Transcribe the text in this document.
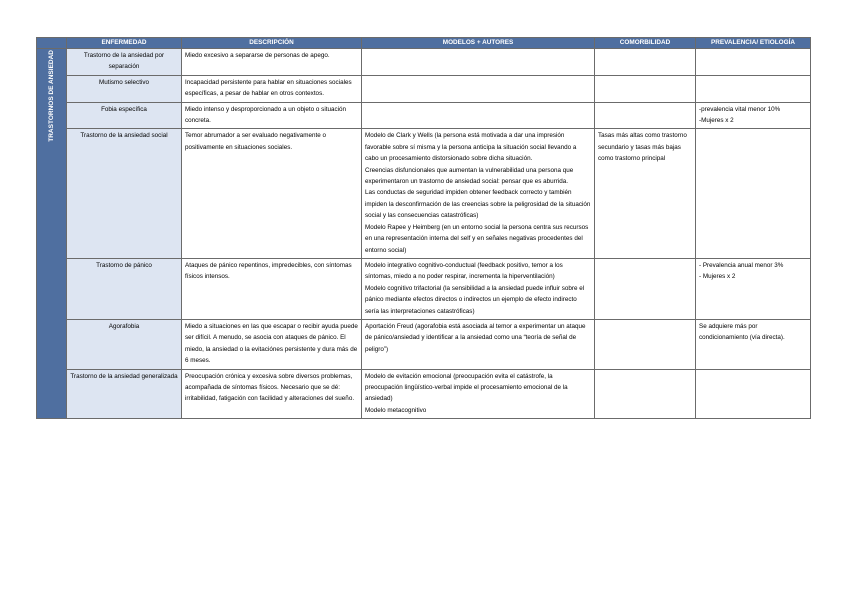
	ENFERMEDAD	DESCRIPCIÓN	MODELOS + AUTORES	COMORBILIDAD	PREVALENCIA/ ETIOLOGÍA
TRASTORNOS DE ANSIEDAD	Trastorno de la ansiedad por separación	Miedo excesivo a separarse de personas de apego.			
	Mutismo selectivo	Incapacidad persistente para hablar en situaciones sociales específicas, a pesar de hablar en otros contextos.			
	Fobia específica	Miedo intenso y desproporcionado a un objeto o situación concreta.			-prevalencia vital menor 10%
-Mujeres x 2
	Trastorno de la ansiedad social	Temor abrumador a ser evaluado negativamente o positivamente en situaciones sociales.	Modelo de Clark y Wells (la persona está motivada a dar una impresión favorable sobre sí misma y la persona anticipa la situación social llevando a cabo un procesamiento distorsionado sobre dicha situación.
Creencias disfuncionales que aumentan la vulnerabilidad una persona que experimentaron un trastorno de ansiedad social: pensar que es aburrida.
Las conductas de seguridad impiden obtener feedback correcto y también impiden la desconfirmación de las creencias sobre la peligrosidad de la situación social y las consecuencias catastróficas)
Modelo Rapee y Heimberg (en un entorno social la persona centra sus recursos en una representación interna del self y en señales negativas procedentes del entorno social)	Tasas más altas como trastorno secundario y tasas más bajas como trastorno principal	
	Trastorno de pánico	Ataques de pánico repentinos, impredecibles, con síntomas físicos intensos.	Modelo integrativo cognitivo-conductual (feedback positivo, temor a los síntomas, miedo a no poder respirar, incrementa la hiperventilación)
Modelo cognitivo trifactorial (la sensibilidad a la ansiedad puede influir sobre el pánico mediante efectos directos o indirectos un ejemplo de efecto indirecto sería las interpretaciones catastróficas)		- Prevalencia anual menor 3%
- Mujeres x 2
	Agorafobia	Miedo a situaciones en las que escapar o recibir ayuda puede ser difícil. A menudo, se asocia con ataques de pánico. El miedo, la ansiedad o la evitaciónes persistente y dura más de 6 meses.	Aportación Freud (agorafobia está asociada al temor a experimentar un ataque de pánico/ansiedad y identificar a la ansiedad como una “teoría de señal de peligro”)		Se adquiere más por condicionamiento (vía directa).
	Trastorno de la ansiedad generalizada	Preocupación crónica y excesiva sobre diversos problemas, acompañada de síntomas físicos. Necesario que se dé: irritabilidad, fatigación con facilidad y alteraciones del sueño.	Modelo de evitación emocional (preocupación evita el catástrofe, la preocupación lingüístico-verbal impide el procesamiento emocional de la ansiedad)
Modelo metacognitivo		
